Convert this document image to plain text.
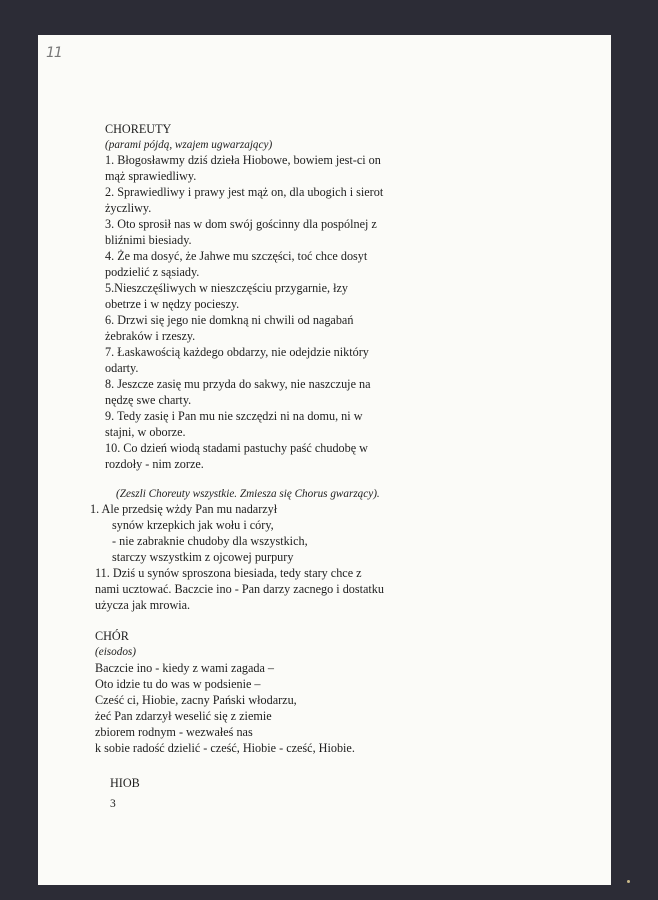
11
CHOREUTY
(parami pójdą, wzajem ugwarzający)
1. Błogosławmy dziś dzieła Hiobowe, bowiem jest-ci on
mąż sprawiedliwy.
2. Sprawiedliwy i prawy jest mąż on, dla ubogich i sierot
życzliwy.
3. Oto sprosił nas w dom swój gościnny dla pospólnej z
bliźnimi biesiady.
4. Że ma dosyć, że Jahwe mu szczęści, toć chce dosyt
podzielić z sąsiady.
5.Nieszczęśliwych w nieszczęściu przygarnie, łzy
obetrze i w nędzy pocieszy.
6. Drzwi się jego nie domkną ni chwili od nagabań
żebraków i rzeszy.
7. Łaskawością każdego obdarzy, nie odejdzie niktóry
odarty.
8. Jeszcze zasię mu przyda do sakwy, nie naszczuje na
nędzę swe charty.
9. Tedy zasię i Pan mu nie szczędzi ni na domu, ni w
stajni, w oborze.
10. Co dzień wiodą stadami pastuchy paść chudobę w
rozdoły - nim zorze.
(Zeszli Choreuty wszystkie. Zmiesza się Chorus gwarzący).
1. Ale przedsię wżdy Pan mu nadarzył
synów krzepkich jak wołu i córy,
- nie zabraknie chudoby dla wszystkich,
starczy wszystkim z ojcowej purpury
11. Dziś u synów sproszona biesiada, tedy stary chce z
nami ucztować. Baczcie ino - Pan darzy zacnego i dostatku
użycza jak mrowia.
CHÓR
(eisodos)
Baczcie ino - kiedy z wami zagada –
Oto idzie tu do was w podsienie –
Cześć ci, Hiobie, zacny Pański włodarzu,
żeć Pan zdarzył weselić się z ziemie
zbiorem rodnym - wezwałeś nas
k sobie radość dzielić - cześć, Hiobie - cześć, Hiobie.
HIOB
3
